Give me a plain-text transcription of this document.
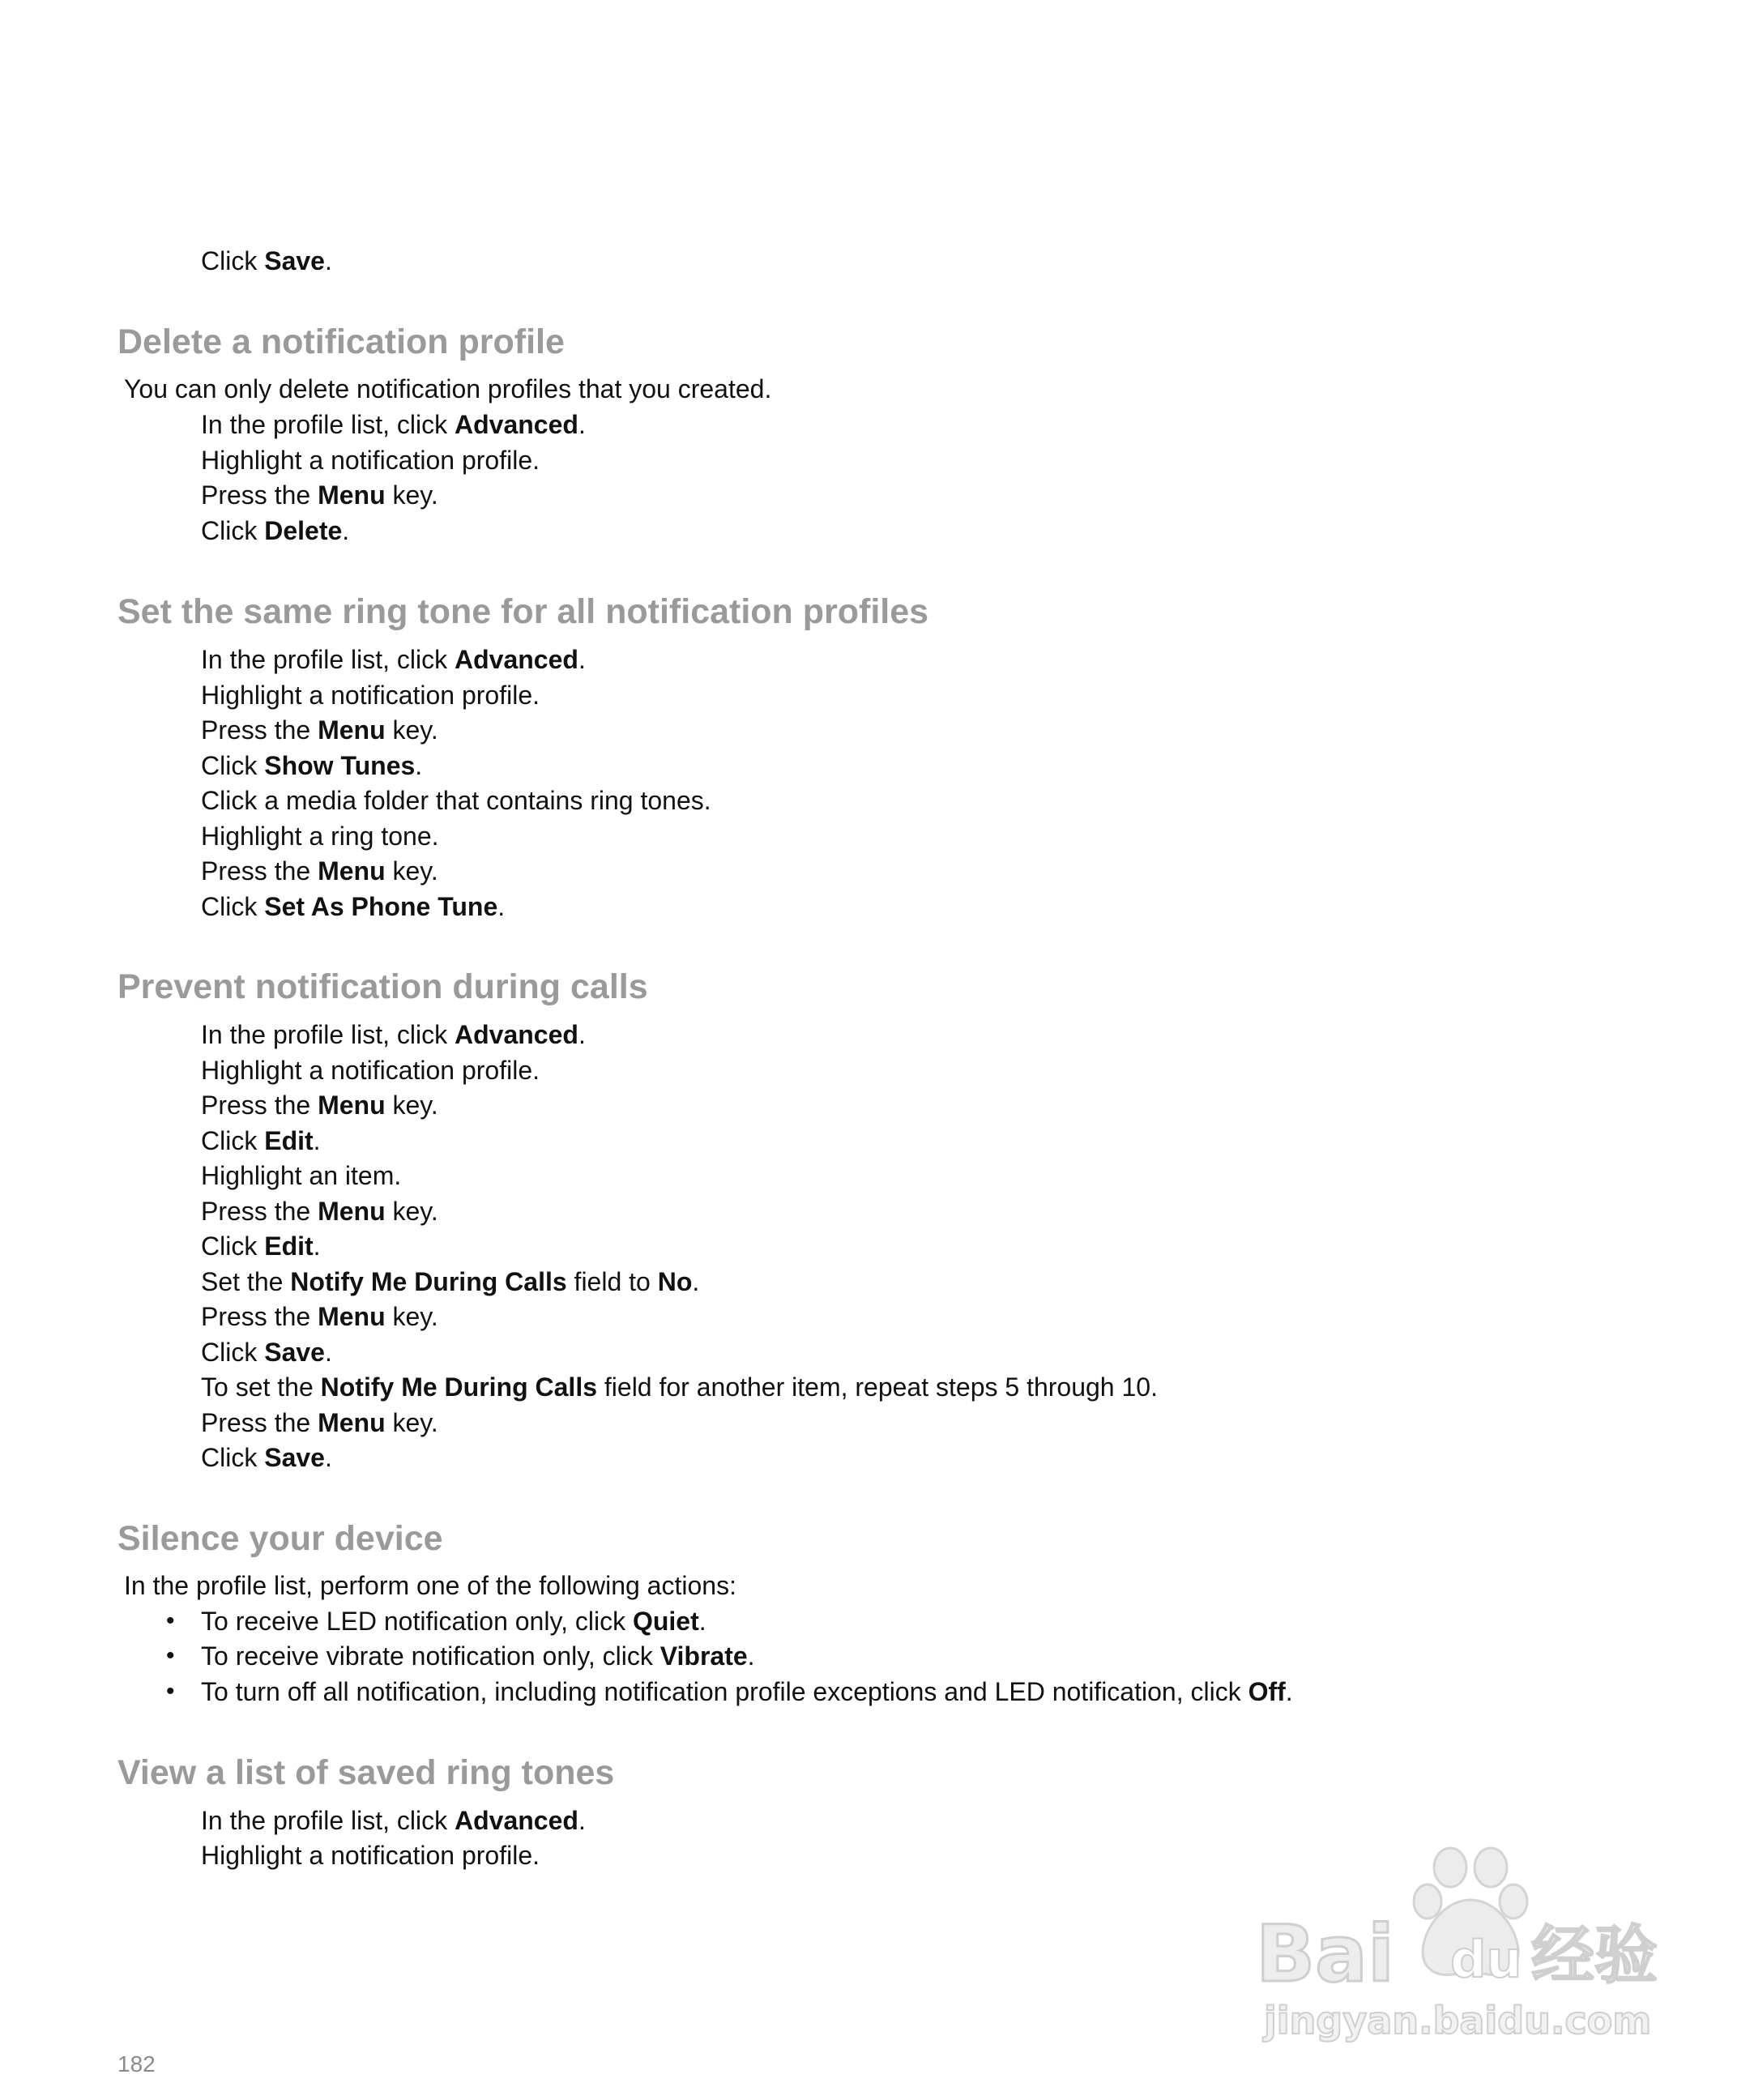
Click Save.
Delete a notification profile
You can only delete notification profiles that you created.
In the profile list, click Advanced.
Highlight a notification profile.
Press the Menu key.
Click Delete.
Set the same ring tone for all notification profiles
In the profile list, click Advanced.
Highlight a notification profile.
Press the Menu key.
Click Show Tunes.
Click a media folder that contains ring tones.
Highlight a ring tone.
Press the Menu key.
Click Set As Phone Tune.
Prevent notification during calls
In the profile list, click Advanced.
Highlight a notification profile.
Press the Menu key.
Click Edit.
Highlight an item.
Press the Menu key.
Click Edit.
Set the Notify Me During Calls field to No.
Press the Menu key.
Click Save.
To set the Notify Me During Calls field for another item, repeat steps 5 through 10.
Press the Menu key.
Click Save.
Silence your device
In the profile list, perform one of the following actions:
• To receive LED notification only, click Quiet.
• To receive vibrate notification only, click Vibrate.
• To turn off all notification, including notification profile exceptions and LED notification, click Off.
View a list of saved ring tones
In the profile list, click Advanced.
Highlight a notification profile.
Bai du 经验
jingyan.baidu.com
182
